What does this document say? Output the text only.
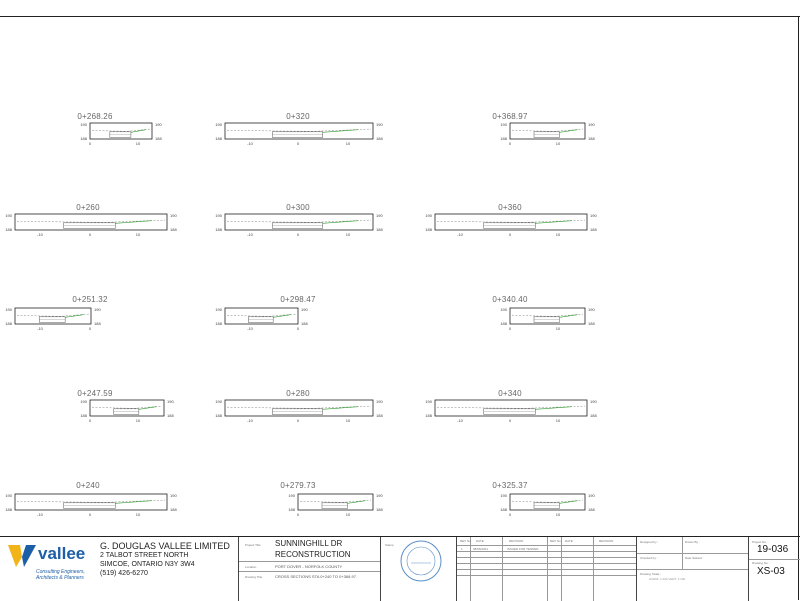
0+268.26
190
188
190
188
0	10
0+320
190
188
190
188
-10	0	10
0+368.97
190
188
190
188
0	10
0+260
190
188
190
188
-10	0	10
0+300
190
188
190
188
-10	0	10
0+360
190
188
190
188
-10	0	10
0+251.32
190
188
190
188
-10	0
0+298.47
190
188
190
188
-10	0
0+340.40
190
188
190
188
0	10
0+247.59
190
188
190
188
0	10
0+280
190
188
190
188
-10	0	10
0+340
190
188
190
188
-10	0	10
0+240
190
188
190
188
-10	0	10
0+279.73
190
188
190
188
0	10
0+325.37
190
188
190
188
0	10
vallee
Consulting Engineers,
Architects & Planners
G. DOUGLAS VALLEE LIMITED
2 TALBOT STREET NORTH
SIMCOE, ONTARIO N3Y 3W4
(519) 426-6270
Project Title SUNNINGHILL DR
RECONSTRUCTION
Location	PORT DOVER - NORFOLK COUNTY
Drawing Title	CROSS SECTIONS STA 0+240 TO 0+368.97
Stamp
REV No. DATE	REVISION	REV No. DATE	REVISION
1	08/06/2021	ISSUED FOR TENDER
Designed by :	Drawn By :
Checked by :	Date Started :
Drawing Scale :
HORIZ. 1:200 VERT. 1:100
Project No. :
19-036
Drawing No. :
XS-03
